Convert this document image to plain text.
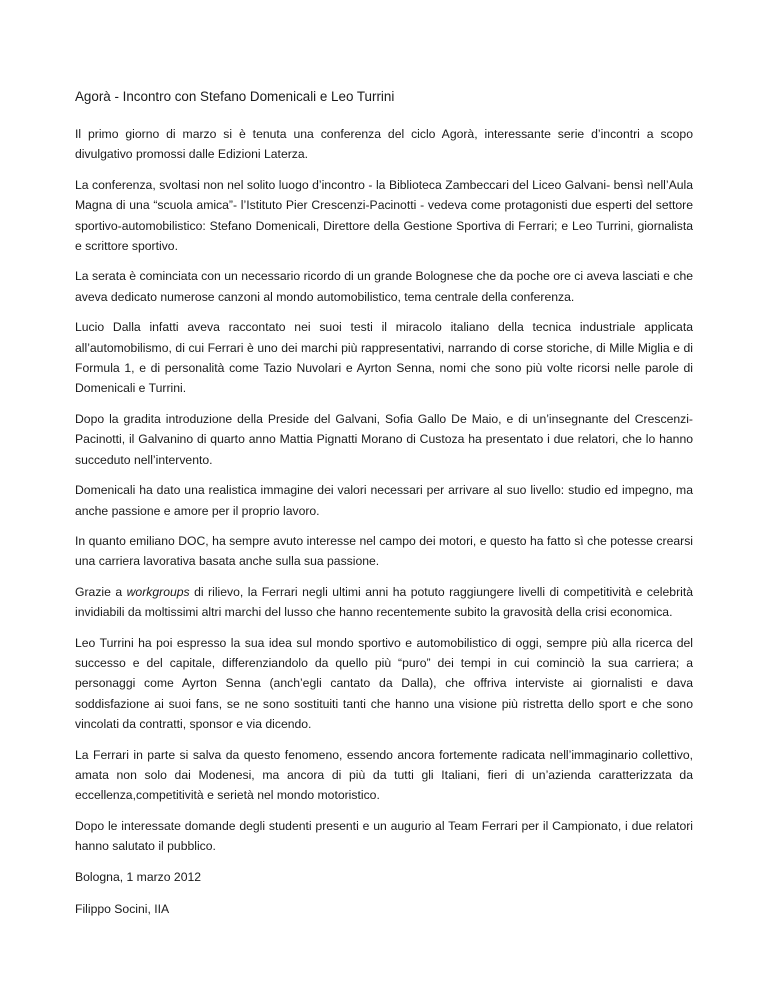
Agorà - Incontro con Stefano Domenicali e Leo Turrini

Il primo giorno di marzo si è tenuta una conferenza del ciclo Agorà, interessante serie d’incontri a scopo divulgativo promossi dalle Edizioni Laterza.

La conferenza, svoltasi non nel solito luogo d’incontro - la Biblioteca Zambeccari del Liceo Galvani- bensì nell’Aula Magna di una “scuola amica”- l’Istituto Pier Crescenzi-Pacinotti - vedeva come protagonisti due esperti del settore sportivo-automobilistico: Stefano Domenicali, Direttore della Gestione Sportiva di Ferrari; e Leo Turrini, giornalista e scrittore sportivo.

La serata è cominciata con un necessario ricordo di un grande Bolognese che da poche ore ci aveva lasciati e che aveva dedicato numerose canzoni al mondo automobilistico, tema centrale della conferenza.

Lucio Dalla infatti aveva raccontato nei suoi testi il miracolo italiano della tecnica industriale applicata all’automobilismo, di cui Ferrari è uno dei marchi più rappresentativi, narrando di corse storiche, di Mille Miglia e di Formula 1, e di personalità come Tazio Nuvolari e Ayrton Senna, nomi che sono più volte ricorsi nelle parole di Domenicali e Turrini.

Dopo la gradita introduzione della Preside del Galvani, Sofia Gallo De Maio, e di un’insegnante del Crescenzi-Pacinotti, il Galvanino di quarto anno Mattia Pignatti Morano di Custoza ha presentato i due relatori, che lo hanno succeduto nell’intervento.

Domenicali ha dato una realistica immagine dei valori necessari per arrivare al suo livello: studio ed impegno, ma anche passione e amore per il proprio lavoro.

In quanto emiliano DOC, ha sempre avuto interesse nel campo dei motori, e questo ha fatto sì che potesse crearsi una carriera lavorativa basata anche sulla sua passione.

Grazie a workgroups di rilievo, la Ferrari negli ultimi anni ha potuto raggiungere livelli di competitività e celebrità invidiabili da moltissimi altri marchi del lusso che hanno recentemente subito la gravosità della crisi economica.

Leo Turrini ha poi espresso la sua idea sul mondo sportivo e automobilistico di oggi, sempre più alla ricerca del successo e del capitale, differenziandolo da quello più “puro” dei tempi in cui cominciò la sua carriera; a personaggi come Ayrton Senna (anch’egli cantato da Dalla), che offriva interviste ai giornalisti e dava soddisfazione ai suoi fans, se ne sono sostituiti tanti che hanno una visione più ristretta dello sport e che sono vincolati da contratti, sponsor e via dicendo.

La Ferrari in parte si salva da questo fenomeno, essendo ancora fortemente radicata nell’immaginario collettivo, amata non solo dai Modenesi, ma ancora di più da tutti gli Italiani, fieri di un’azienda caratterizzata da eccellenza,competitività e serietà nel mondo motoristico.

Dopo le interessate domande degli studenti presenti e un augurio al Team Ferrari per il Campionato, i due relatori hanno salutato il pubblico.

Bologna, 1 marzo 2012

Filippo Socini, IIA
